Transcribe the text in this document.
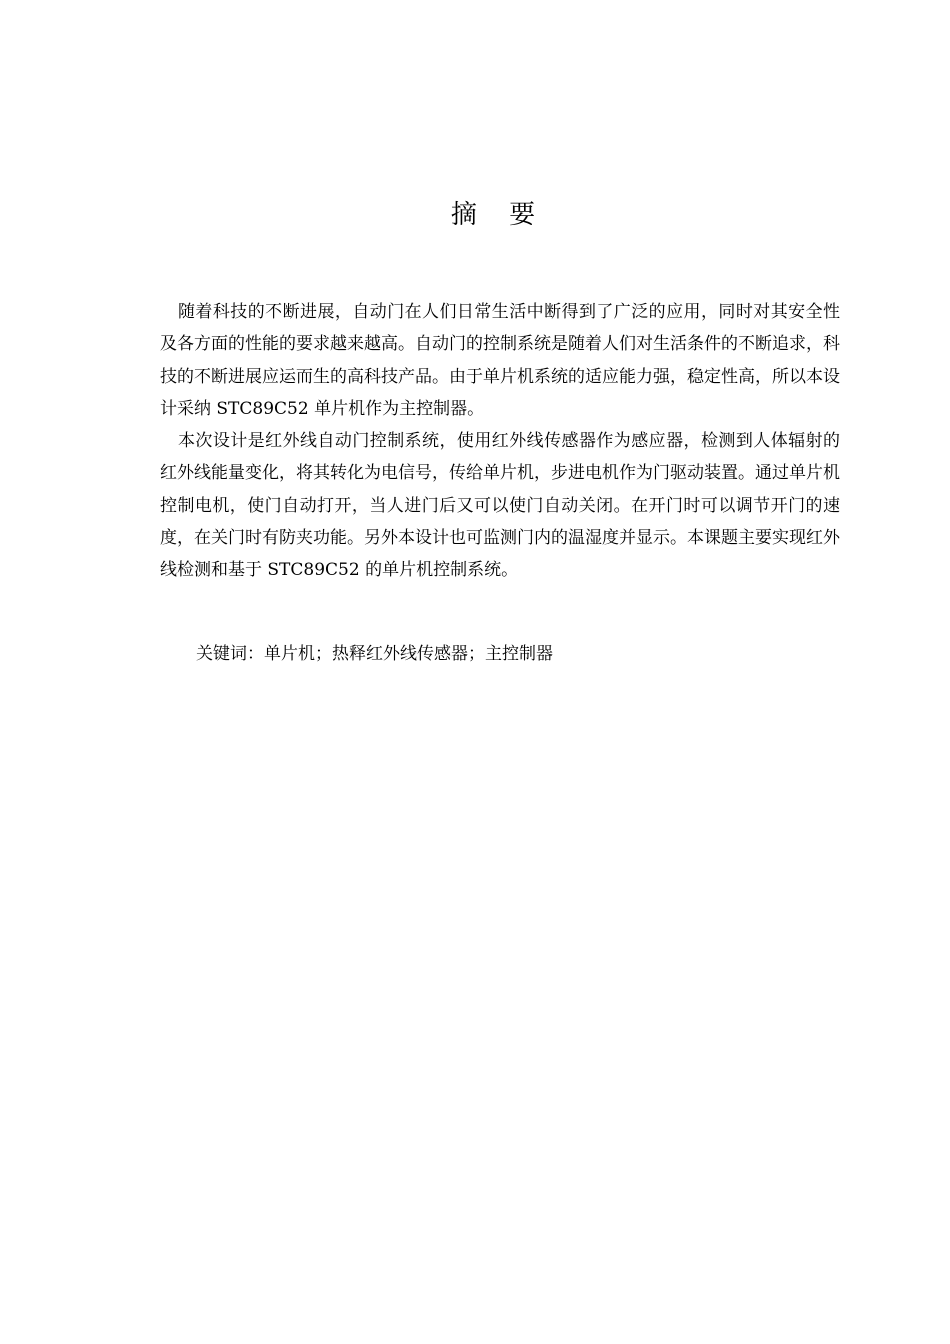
摘 要

随着科技的不断进展，自动门在人们日常生活中断得到了广泛的应用，同时对其安全性及各方面的性能的要求越来越高。自动门的控制系统是随着人们对生活条件的不断追求，科技的不断进展应运而生的高科技产品。由于单片机系统的适应能力强，稳定性高，所以本设计采纳 STC89C52 单片机作为主控制器。

本次设计是红外线自动门控制系统，使用红外线传感器作为感应器，检测到人体辐射的红外线能量变化，将其转化为电信号，传给单片机，步进电机作为门驱动装置。通过单片机控制电机，使门自动打开，当人进门后又可以使门自动关闭。在开门时可以调节开门的速度，在关门时有防夹功能。另外本设计也可监测门内的温湿度并显示。本课题主要实现红外线检测和基于 STC89C52 的单片机控制系统。

关键词：单片机；热释红外线传感器；主控制器
